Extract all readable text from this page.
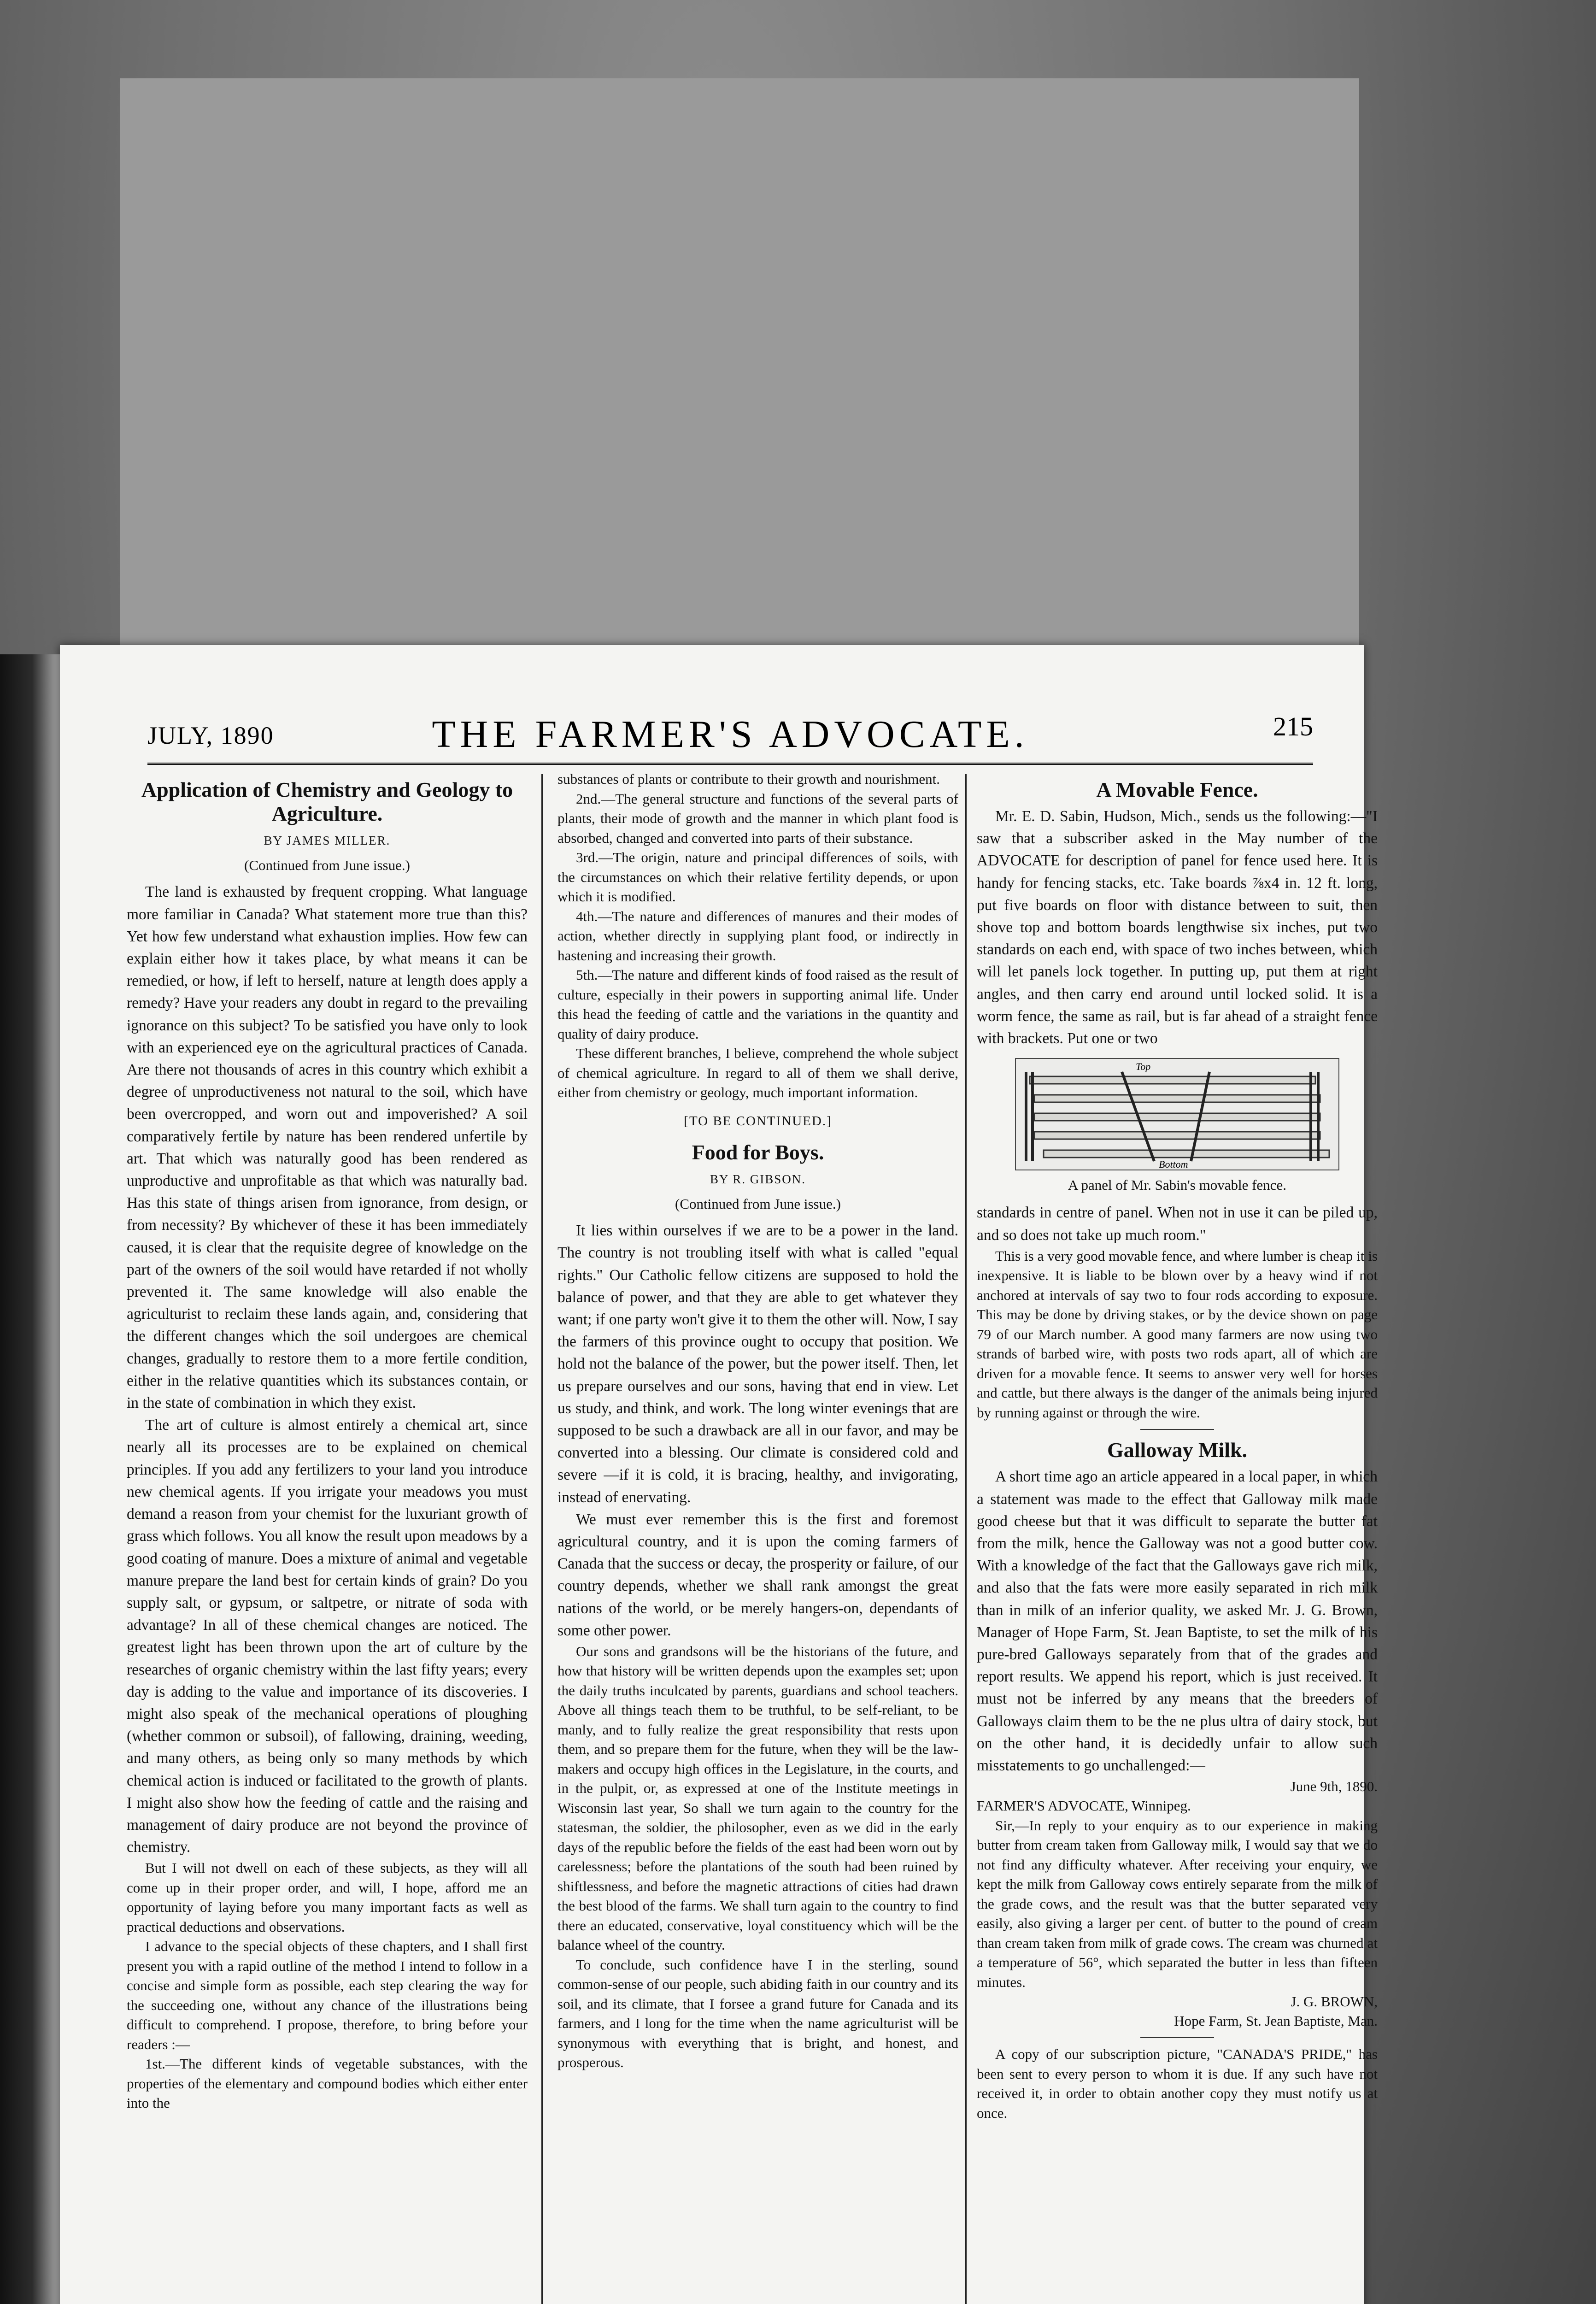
JULY, 1890	THE FARMER'S ADVOCATE.	215
Application of Chemistry and Geology to Agriculture.
BY JAMES MILLER.
(Continued from June issue.)

The land is exhausted by frequent cropping. What language more familiar in Canada? What statement more true than this? Yet how few understand what exhaustion implies. How few can explain either how it takes place, by what means it can be remedied, or how, if left to herself, nature at length does apply a remedy? Have your readers any doubt in regard to the prevailing ignorance on this subject? To be satisfied you have only to look with an experienced eye on the agricultural practices of Canada. Are there not thousands of acres in this country which exhibit a degree of unproductiveness not natural to the soil, which have been overcropped, and worn out and impoverished? A soil comparatively fertile by nature has been rendered unfertile by art. That which was naturally good has been rendered as unproductive and unprofitable as that which was naturally bad. Has this state of things arisen from ignorance, from design, or from necessity? By whichever of these it has been immediately caused, it is clear that the requisite degree of knowledge on the part of the owners of the soil would have retarded if not wholly prevented it. The same knowledge will also enable the agriculturist to reclaim these lands again, and, considering that the different changes which the soil undergoes are chemical changes, gradually to restore them to a more fertile condition, either in the relative quantities which its substances contain, or in the state of combination in which they exist.

The art of culture is almost entirely a chemical art, since nearly all its processes are to be explained on chemical principles. If you add any fertilizers to your land you introduce new chemical agents. If you irrigate your meadows you must demand a reason from your chemist for the luxuriant growth of grass which follows. You all know the result upon meadows by a good coating of manure. Does a mixture of animal and vegetable manure prepare the land best for certain kinds of grain? Do you supply salt, or gypsum, or saltpetre, or nitrate of soda with advantage? In all of these chemical changes are noticed. The greatest light has been thrown upon the art of culture by the researches of organic chemistry within the last fifty years; every day is adding to the value and importance of its discoveries. I might also speak of the mechanical operations of ploughing (whether common or subsoil), of fallowing, draining, weeding, and many others, as being only so many methods by which chemical action is induced or facilitated to the growth of plants. I might also show how the feeding of cattle and the raising and management of dairy produce are not beyond the province of chemistry.

But I will not dwell on each of these subjects, as they will all come up in their proper order, and will, I hope, afford me an opportunity of laying before you many important facts as well as practical deductions and observations.

I advance to the special objects of these chapters, and I shall first present you with a rapid outline of the method I intend to follow in a concise and simple form as possible, each step clearing the way for the succeeding one, without any chance of the illustrations being difficult to comprehend. I propose, therefore, to bring before your readers :—

1st.—The different kinds of vegetable substances, with the properties of the elementary and compound bodies which either enter into the

substances of plants or contribute to their growth and nourishment.

2nd.—The general structure and functions of the several parts of plants, their mode of growth and the manner in which plant food is absorbed, changed and converted into parts of their substance.

3rd.—The origin, nature and principal differences of soils, with the circumstances on which their relative fertility depends, or upon which it is modified.

4th.—The nature and differences of manures and their modes of action, whether directly in supplying plant food, or indirectly in hastening and increasing their growth.

5th.—The nature and different kinds of food raised as the result of culture, especially in their powers in supporting animal life. Under this head the feeding of cattle and the variations in the quantity and quality of dairy produce.

These different branches, I believe, comprehend the whole subject of chemical agriculture. In regard to all of them we shall derive, either from chemistry or geology, much important information.

[TO BE CONTINUED.]
Food for Boys.
BY R. GIBSON.
(Continued from June issue.)

It lies within ourselves if we are to be a power in the land. The country is not troubling itself with what is called "equal rights." Our Catholic fellow citizens are supposed to hold the balance of power, and that they are able to get whatever they want; if one party won't give it to them the other will. Now, I say the farmers of this province ought to occupy that position. We hold not the balance of the power, but the power itself. Then, let us prepare ourselves and our sons, having that end in view. Let us study, and think, and work. The long winter evenings that are supposed to be such a drawback are all in our favor, and may be converted into a blessing. Our climate is considered cold and severe —if it is cold, it is bracing, healthy, and invigorating, instead of enervating.

We must ever remember this is the first and foremost agricultural country, and it is upon the coming farmers of Canada that the success or decay, the prosperity or failure, of our country depends, whether we shall rank amongst the great nations of the world, or be merely hangers-on, dependants of some other power.

Our sons and grandsons will be the historians of the future, and how that history will be written depends upon the examples set; upon the daily truths inculcated by parents, guardians and school teachers. Above all things teach them to be truthful, to be self-reliant, to be manly, and to fully realize the great responsibility that rests upon them, and so prepare them for the future, when they will be the law-makers and occupy high offices in the Legislature, in the courts, and in the pulpit, or, as expressed at one of the Institute meetings in Wisconsin last year, So shall we turn again to the country for the statesman, the soldier, the philosopher, even as we did in the early days of the republic before the fields of the east had been worn out by carelessness; before the plantations of the south had been ruined by shiftlessness, and before the magnetic attractions of cities had drawn the best blood of the farms. We shall turn again to the country to find there an educated, conservative, loyal constituency which will be the balance wheel of the country.

To conclude, such confidence have I in the sterling, sound common-sense of our people, such abiding faith in our country and its soil, and its climate, that I forsee a grand future for Canada and its farmers, and I long for the time when the name agriculturist will be synonymous with everything that is bright, and honest, and prosperous.

A Movable Fence.

Mr. E. D. Sabin, Hudson, Mich., sends us the following:—"I saw that a subscriber asked in the May number of the ADVOCATE for description of panel for fence used here. It is handy for fencing stacks, etc. Take boards ⅞x4 in. 12 ft. long, put five boards on floor with distance between to suit, then shove top and bottom boards lengthwise six inches, put two standards on each end, with space of two inches between, which will let panels lock together. In putting up, put them at right angles, and then carry end around until locked solid. It is a worm fence, the same as rail, but is far ahead of a straight fence with brackets. Put one or two

Top
Bottom
A panel of Mr. Sabin's movable fence.

standards in centre of panel. When not in use it can be piled up, and so does not take up much room."

This is a very good movable fence, and where lumber is cheap it is inexpensive. It is liable to be blown over by a heavy wind if not anchored at intervals of say two to four rods according to exposure. This may be done by driving stakes, or by the device shown on page 79 of our March number. A good many farmers are now using two strands of barbed wire, with posts two rods apart, all of which are driven for a movable fence. It seems to answer very well for horses and cattle, but there always is the danger of the animals being injured by running against or through the wire.

Galloway Milk.

A short time ago an article appeared in a local paper, in which a statement was made to the effect that Galloway milk made good cheese but that it was difficult to separate the butter fat from the milk, hence the Galloway was not a good butter cow. With a knowledge of the fact that the Galloways gave rich milk, and also that the fats were more easily separated in rich milk than in milk of an inferior quality, we asked Mr. J. G. Brown, Manager of Hope Farm, St. Jean Baptiste, to set the milk of his pure-bred Galloways separately from that of the grades and report results. We append his report, which is just received. It must not be inferred by any means that the breeders of Galloways claim them to be the ne plus ultra of dairy stock, but on the other hand, it is decidedly unfair to allow such misstatements to go unchallenged:—

June 9th, 1890.

FARMER'S ADVOCATE, Winnipeg.

Sir,—In reply to your enquiry as to our experience in making butter from cream taken from Galloway milk, I would say that we do not find any difficulty whatever. After receiving your enquiry, we kept the milk from Galloway cows entirely separate from the milk of the grade cows, and the result was that the butter separated very easily, also giving a larger per cent. of butter to the pound of cream than cream taken from milk of grade cows. The cream was churned at a temperature of 56°, which separated the butter in less than fifteen minutes.

J. G. BROWN,
Hope Farm, St. Jean Baptiste, Man.

A copy of our subscription picture, "CANADA'S PRIDE," has been sent to every person to whom it is due. If any such have not received it, in order to obtain another copy they must notify us at once.
